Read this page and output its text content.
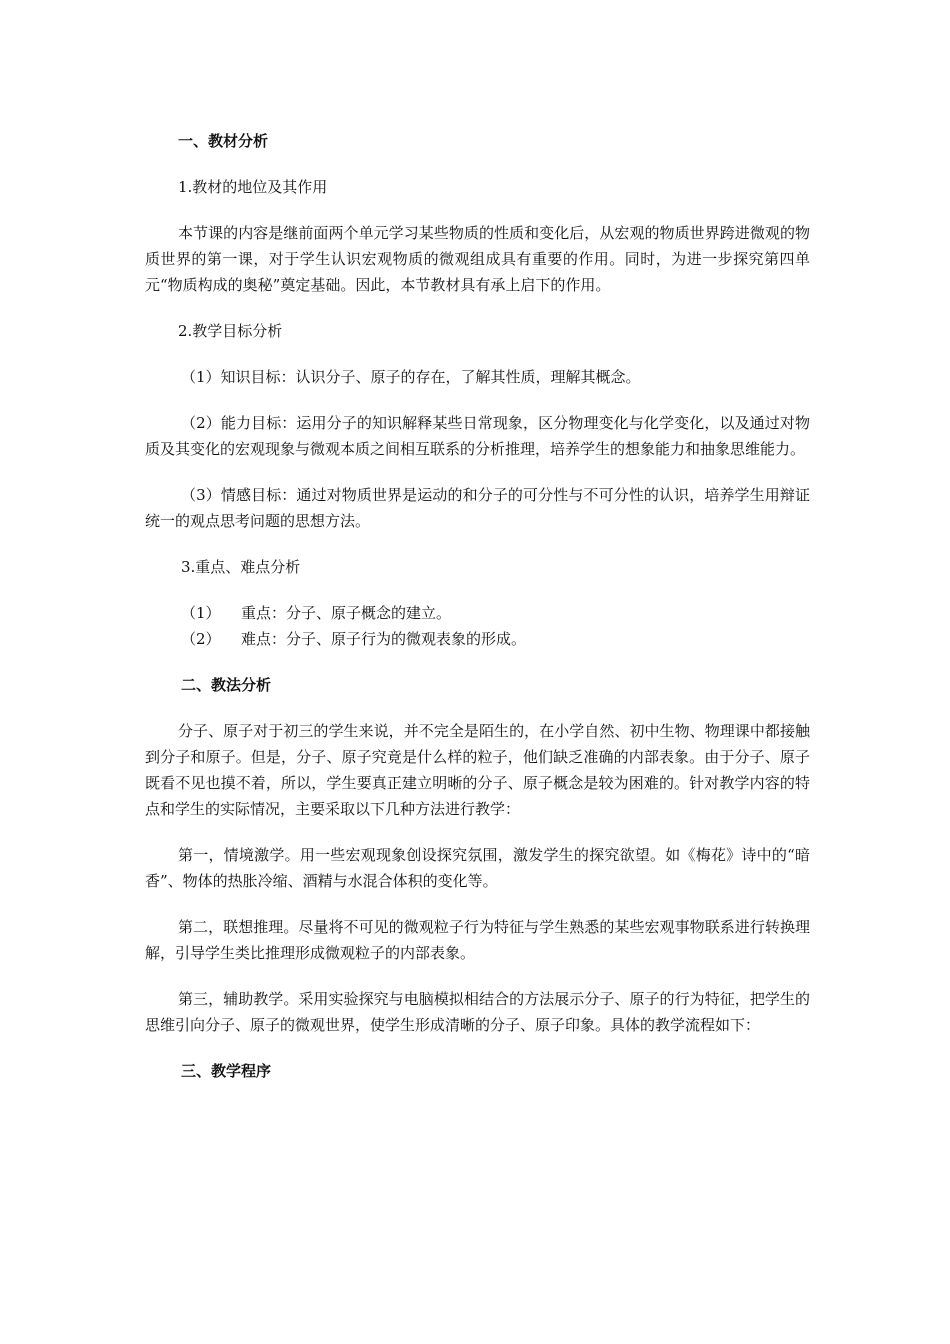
一、教材分析
1.教材的地位及其作用
本节课的内容是继前面两个单元学习某些物质的性质和变化后，从宏观的物质世界跨进微观的物质世界的第一课，对于学生认识宏观物质的微观组成具有重要的作用。同时，为进一步探究第四单元“物质构成的奥秘”奠定基础。因此，本节教材具有承上启下的作用。
2.教学目标分析
（1）知识目标：认识分子、原子的存在，了解其性质，理解其概念。
（2）能力目标：运用分子的知识解释某些日常现象，区分物理变化与化学变化，以及通过对物质及其变化的宏观现象与微观本质之间相互联系的分析推理，培养学生的想象能力和抽象思维能力。
（3）情感目标：通过对物质世界是运动的和分子的可分性与不可分性的认识，培养学生用辩证统一的观点思考问题的思想方法。
3.重点、难点分析
（1） 重点：分子、原子概念的建立。
（2） 难点：分子、原子行为的微观表象的形成。
二、教法分析
分子、原子对于初三的学生来说，并不完全是陌生的，在小学自然、初中生物、物理课中都接触到分子和原子。但是，分子、原子究竟是什么样的粒子，他们缺乏准确的内部表象。由于分子、原子既看不见也摸不着，所以，学生要真正建立明晰的分子、原子概念是较为困难的。针对教学内容的特点和学生的实际情况，主要采取以下几种方法进行教学：
第一，情境激学。用一些宏观现象创设探究氛围，激发学生的探究欲望。如《梅花》诗中的“暗香”、物体的热胀冷缩、酒精与水混合体积的变化等。
第二，联想推理。尽量将不可见的微观粒子行为特征与学生熟悉的某些宏观事物联系进行转换理解，引导学生类比推理形成微观粒子的内部表象。
第三，辅助教学。采用实验探究与电脑模拟相结合的方法展示分子、原子的行为特征，把学生的思维引向分子、原子的微观世界，使学生形成清晰的分子、原子印象。具体的教学流程如下：
三、教学程序
